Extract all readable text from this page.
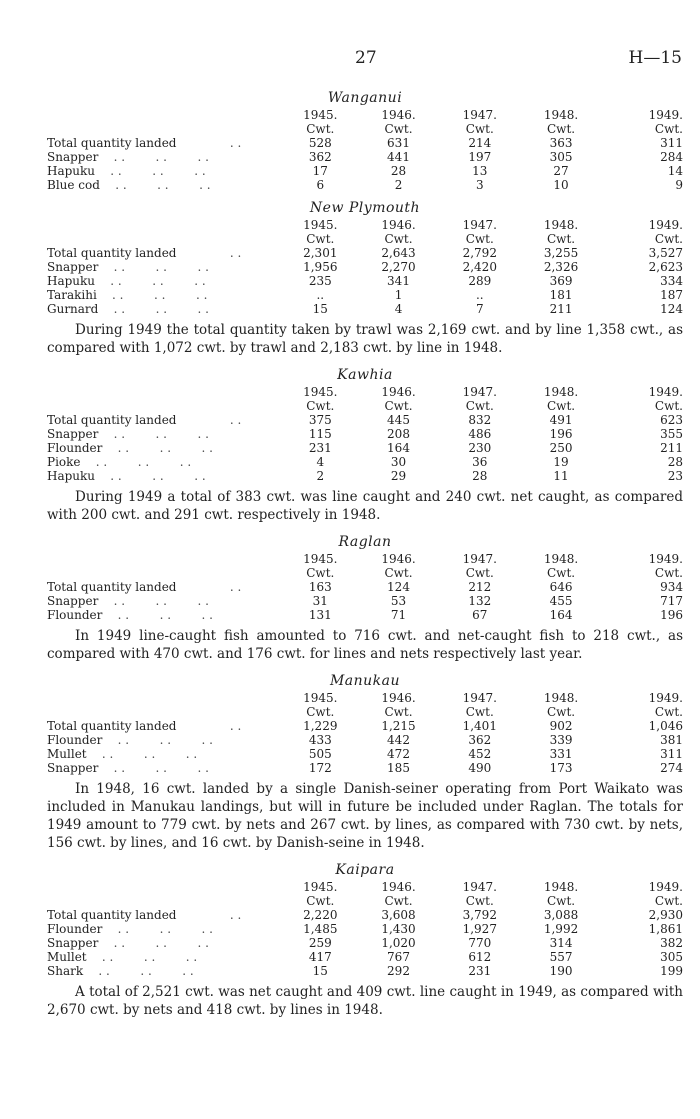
27	H—15
Wanganui
	1945.	1946.	1947.	1948.	1949.
	Cwt.	Cwt.	Cwt.	Cwt.	Cwt.
Total quantity landed              . .	528	631	214	363	311
Snapper    . .        . .        . .	362	441	197	305	284
Hapuku    . .        . .        . .	17	28	13	27	14
Blue cod    . .        . .        . .	6	2	3	10	9
New Plymouth
	1945.	1946.	1947.	1948.	1949.
	Cwt.	Cwt.	Cwt.	Cwt.	Cwt.
Total quantity landed              . .	2,301	2,643	2,792	3,255	3,527
Snapper    . .        . .        . .	1,956	2,270	2,420	2,326	2,623
Hapuku    . .        . .        . .	235	341	289	369	334
Tarakihi    . .        . .        . .	..	1	..	181	187
Gurnard    . .        . .        . .	15	4	7	211	124

During 1949 the total quantity taken by trawl was 2,169 cwt. and by line 1,358 cwt., as compared with 1,072 cwt. by trawl and 2,183 cwt. by line in 1948.

Kawhia
	1945.	1946.	1947.	1948.	1949.
	Cwt.	Cwt.	Cwt.	Cwt.	Cwt.
Total quantity landed              . .	375	445	832	491	623
Snapper    . .        . .        . .	115	208	486	196	355
Flounder    . .        . .        . .	231	164	230	250	211
Pioke    . .        . .        . .	4	30	36	19	28
Hapuku    . .        . .        . .	2	29	28	11	23

During 1949 a total of 383 cwt. was line caught and 240 cwt. net caught, as compared with 200 cwt. and 291 cwt. respectively in 1948.

Raglan
	1945.	1946.	1947.	1948.	1949.
	Cwt.	Cwt.	Cwt.	Cwt.	Cwt.
Total quantity landed              . .	163	124	212	646	934
Snapper    . .        . .        . .	31	53	132	455	717
Flounder    . .        . .        . .	131	71	67	164	196

In 1949 line-caught fish amounted to 716 cwt. and net-caught fish to 218 cwt., as compared with 470 cwt. and 176 cwt. for lines and nets respectively last year.

Manukau
	1945.	1946.	1947.	1948.	1949.
	Cwt.	Cwt.	Cwt.	Cwt.	Cwt.
Total quantity landed              . .	1,229	1,215	1,401	902	1,046
Flounder    . .        . .        . .	433	442	362	339	381
Mullet    . .        . .        . .	505	472	452	331	311
Snapper    . .        . .        . .	172	185	490	173	274

In 1948, 16 cwt. landed by a single Danish-seiner operating from Port Waikato was included in Manukau landings, but will in future be included under Raglan. The totals for 1949 amount to 779 cwt. by nets and 267 cwt. by lines, as compared with 730 cwt. by nets, 156 cwt. by lines, and 16 cwt. by Danish-seine in 1948.

Kaipara
	1945.	1946.	1947.	1948.	1949.
	Cwt.	Cwt.	Cwt.	Cwt.	Cwt.
Total quantity landed              . .	2,220	3,608	3,792	3,088	2,930
Flounder    . .        . .        . .	1,485	1,430	1,927	1,992	1,861
Snapper    . .        . .        . .	259	1,020	770	314	382
Mullet    . .        . .        . .	417	767	612	557	305
Shark    . .        . .        . .	15	292	231	190	199

A total of 2,521 cwt. was net caught and 409 cwt. line caught in 1949, as compared with 2,670 cwt. by nets and 418 cwt. by lines in 1948.
